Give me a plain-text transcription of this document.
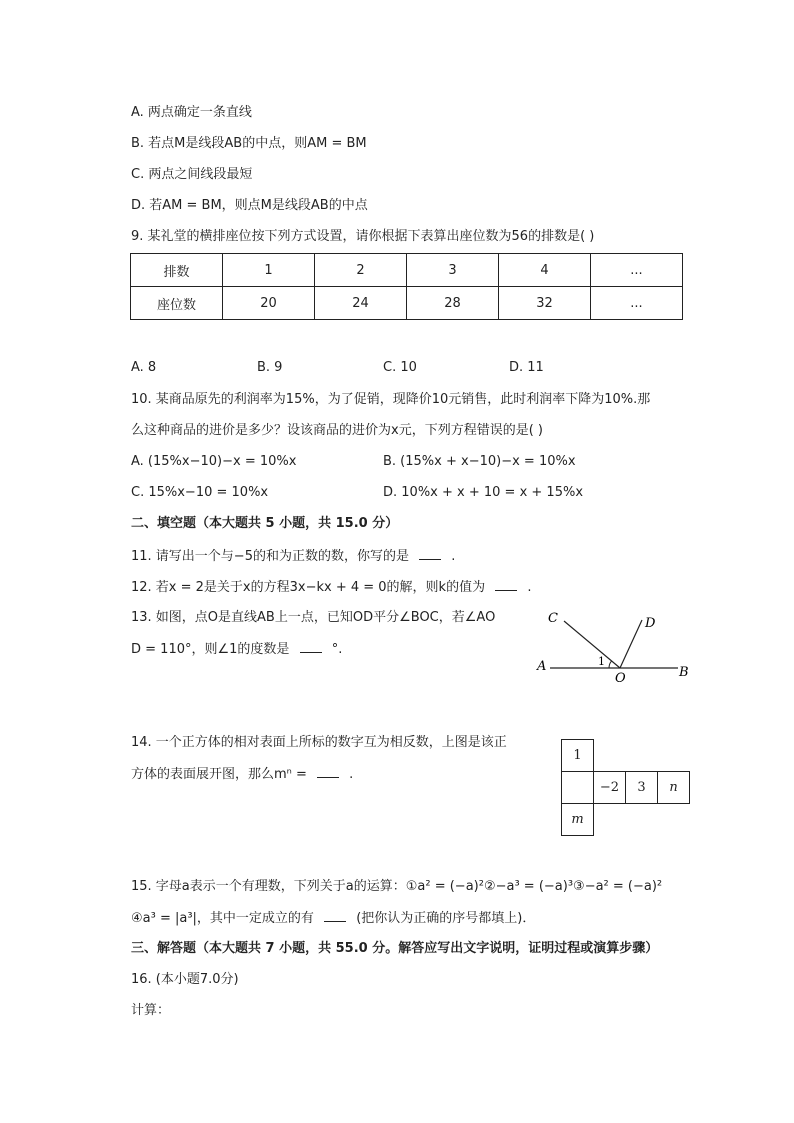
A. 两点确定一条直线
B. 若点M是线段AB的中点，则AM = BM
C. 两点之间线段最短
D. 若AM = BM，则点M是线段AB的中点
9. 某礼堂的横排座位按下列方式设置，请你根据下表算出座位数为56的排数是( )
排数	1	2	3	4	...
座位数	20	24	28	32	...
A. 8	B. 9	C. 10	D. 11
10. 某商品原先的利润率为15%，为了促销，现降价10元销售，此时利润率下降为10%.那
么这种商品的进价是多少？设该商品的进价为x元，下列方程错误的是( )
A. (15%x−10)−x = 10%x	B. (15%x + x−10)−x = 10%x
C. 15%x−10 = 10%x	D. 10%x + x + 10 = x + 15%x
二、填空题（本大题共 5 小题，共 15.0 分）
11. 请写出一个与−5的和为正数的数，你写的是	.
12. 若x = 2是关于x的方程3x−kx + 4 = 0的解，则k的值为	.
13. 如图，点O是直线AB上一点，已知OD平分∠BOC，若∠AO
D = 110°，则∠1的度数是	°.
C	D
A
O	B
1
14. 一个正方体的相对表面上所标的数字互为相反数，上图是该正
方体的表面展开图，那么mⁿ =	.
1
−2	3	n
m
15. 字母a表示一个有理数，下列关于a的运算：①a² = (−a)²②−a³ = (−a)³③−a² = (−a)²
④a³ = |a³|，其中一定成立的有	(把你认为正确的序号都填上)．
三、解答题（本大题共 7 小题，共 55.0 分。解答应写出文字说明，证明过程或演算步骤）
16. (本小题7.0分)
计算：
